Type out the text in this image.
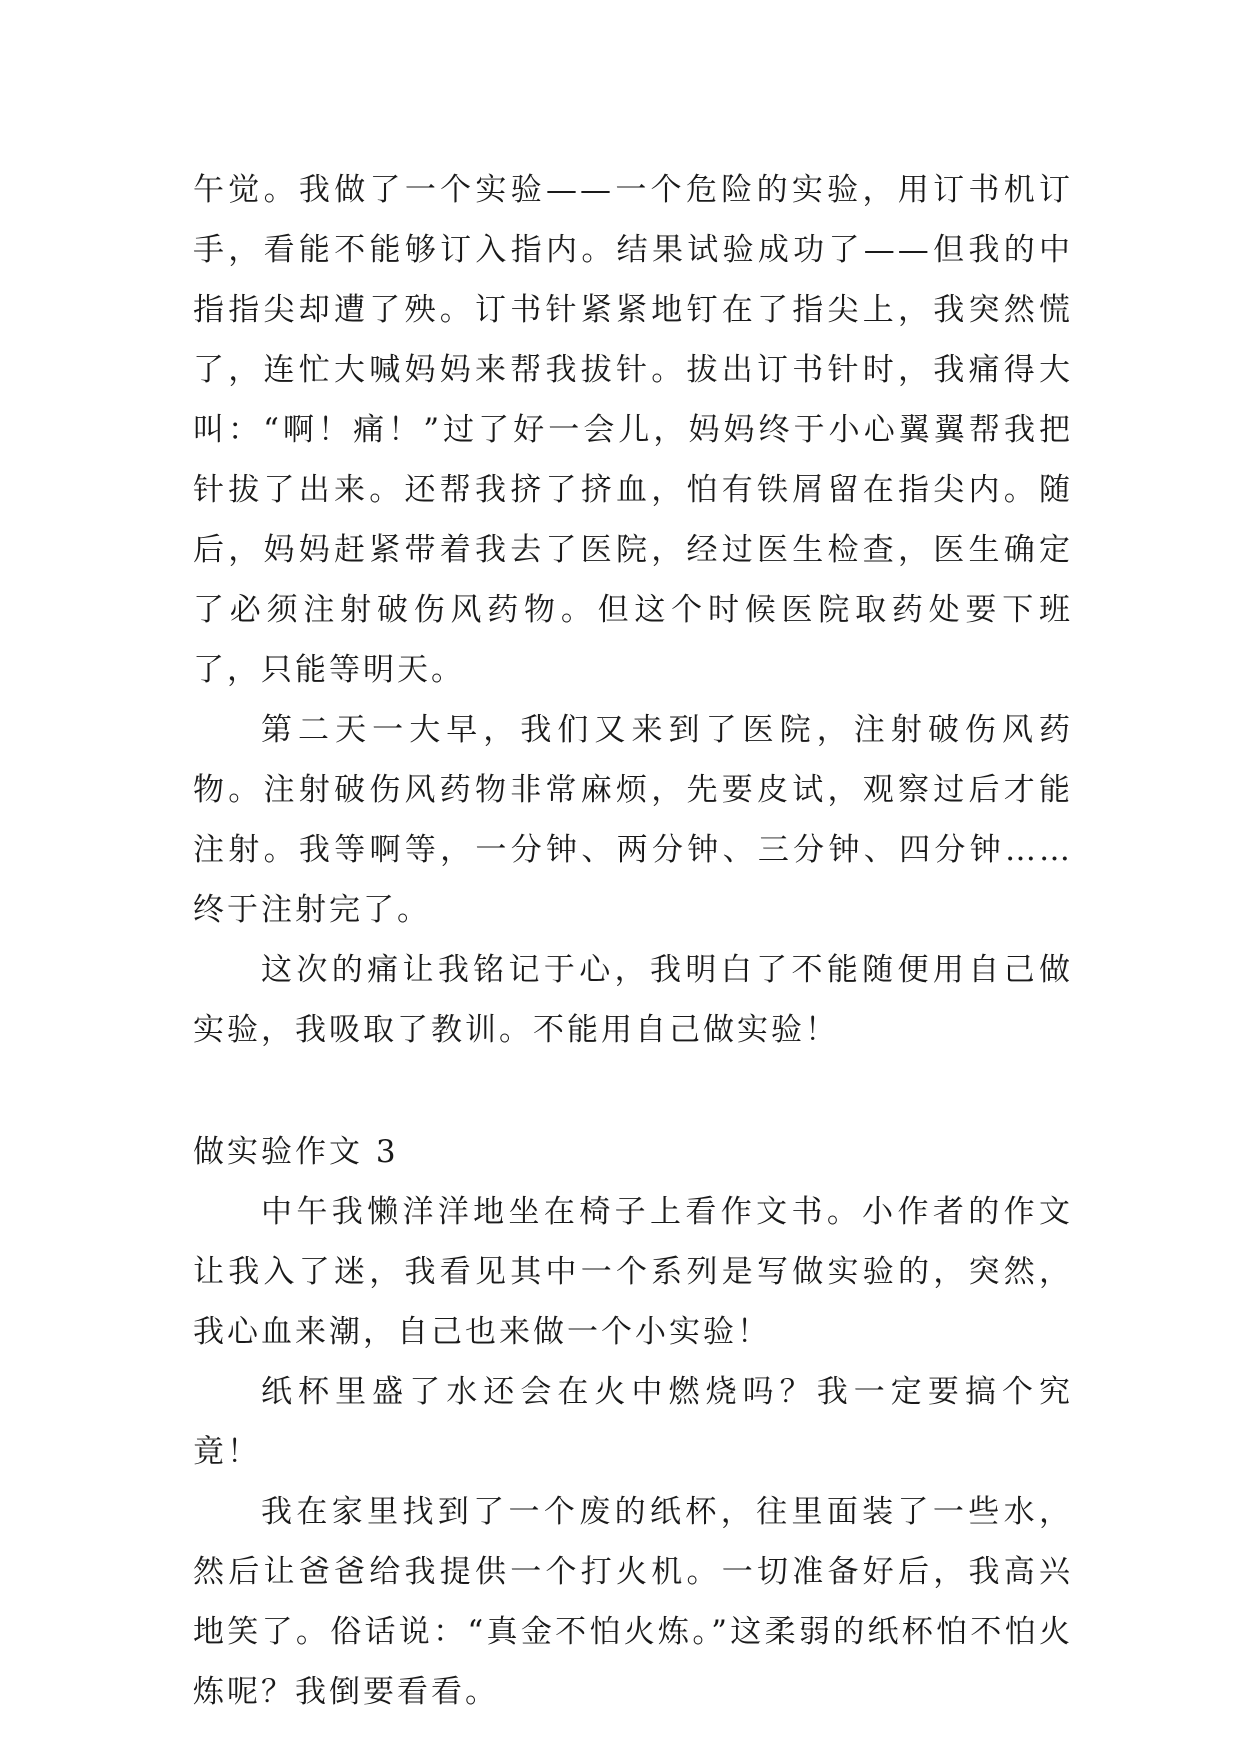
午觉。我做了一个实验——一个危险的实验，用订书机订手，看能不能够订入指内。结果试验成功了——但我的中指指尖却遭了殃。订书针紧紧地钉在了指尖上，我突然慌了，连忙大喊妈妈来帮我拔针。拔出订书针时，我痛得大叫：“啊！痛！”过了好一会儿，妈妈终于小心翼翼帮我把针拔了出来。还帮我挤了挤血，怕有铁屑留在指尖内。随后，妈妈赶紧带着我去了医院，经过医生检查，医生确定了必须注射破伤风药物。但这个时候医院取药处要下班了，只能等明天。

第二天一大早，我们又来到了医院，注射破伤风药物。注射破伤风药物非常麻烦，先要皮试，观察过后才能注射。我等啊等，一分钟、两分钟、三分钟、四分钟……终于注射完了。

这次的痛让我铭记于心，我明白了不能随便用自己做实验，我吸取了教训。不能用自己做实验！

做实验作文 3

中午我懒洋洋地坐在椅子上看作文书。小作者的作文让我入了迷，我看见其中一个系列是写做实验的，突然，我心血来潮，自己也来做一个小实验！

纸杯里盛了水还会在火中燃烧吗？我一定要搞个究竟！

我在家里找到了一个废的纸杯，往里面装了一些水，然后让爸爸给我提供一个打火机。一切准备好后，我高兴地笑了。俗话说：“真金不怕火炼。”这柔弱的纸杯怕不怕火炼呢？我倒要看看。
